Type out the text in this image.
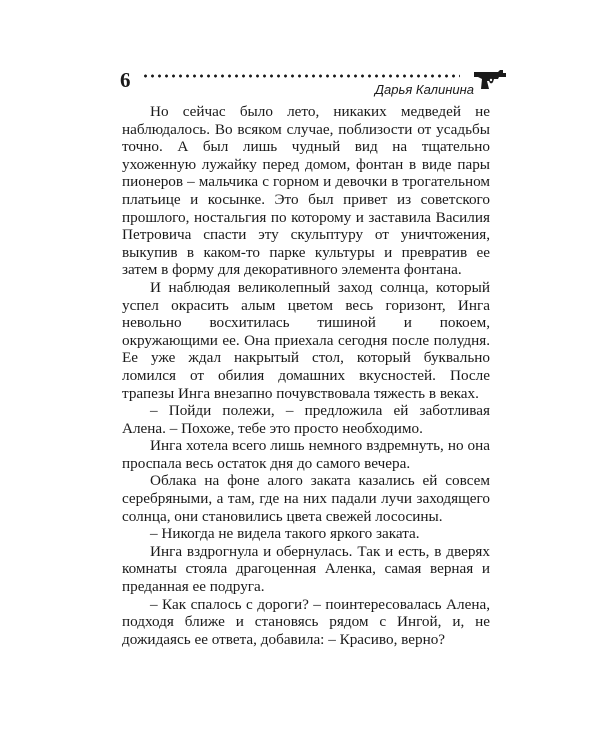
6	Дарья Калинина

Но сейчас было лето, никаких медведей не наблюдалось. Во всяком случае, поблизости от усадьбы точно. А был лишь чудный вид на тщательно ухоженную лужайку перед домом, фонтан в виде пары пионеров – мальчика с горном и девочки в трогательном платьице и косынке. Это был привет из советского прошлого, ностальгия по которому и заставила Василия Петровича спасти эту скульптуру от уничтожения, выкупив в каком-то парке культуры и превратив ее затем в форму для декоративного элемента фонтана.

И наблюдая великолепный заход солнца, который успел окрасить алым цветом весь горизонт, Инга невольно восхитилась тишиной и покоем, окружающими ее. Она приехала сегодня после полудня. Ее уже ждал накрытый стол, который буквально ломился от обилия домашних вкусностей. После трапезы Инга внезапно почувствовала тяжесть в веках.

– Пойди полежи, – предложила ей заботливая Алена. – Похоже, тебе это просто необходимо.

Инга хотела всего лишь немного вздремнуть, но она проспала весь остаток дня до самого вечера.

Облака на фоне алого заката казались ей совсем серебряными, а там, где на них падали лучи заходящего солнца, они становились цвета свежей лососины.

– Никогда не видела такого яркого заката.

Инга вздрогнула и обернулась. Так и есть, в дверях комнаты стояла драгоценная Аленка, самая верная и преданная ее подруга.

– Как спалось с дороги? – поинтересовалась Алена, подходя ближе и становясь рядом с Ингой, и, не дожидаясь ее ответа, добавила: – Красиво, верно?
